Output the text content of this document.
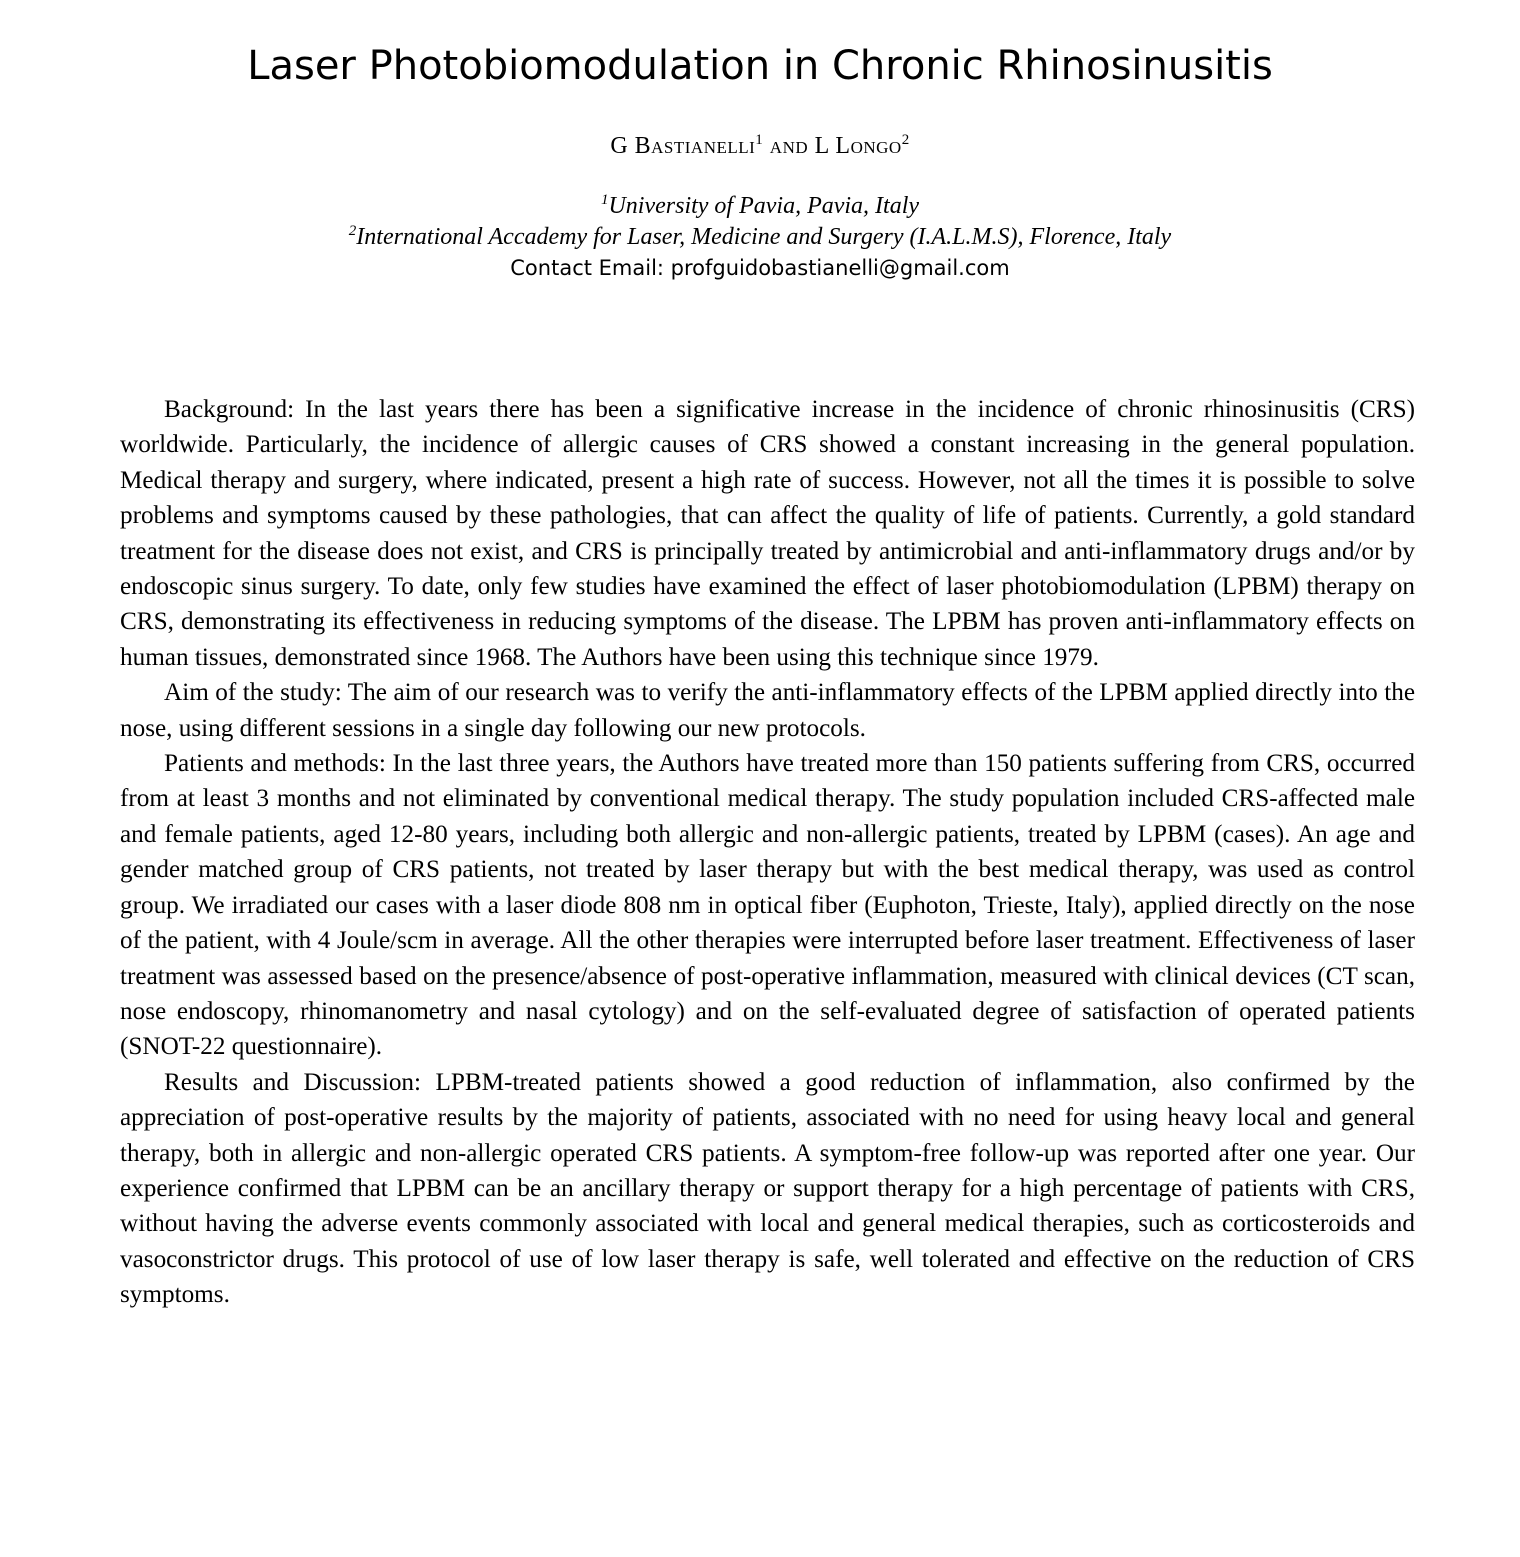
Laser Photobiomodulation in Chronic Rhinosinusitis
G Bastianelli$^1$ and L Longo$^2$
$^1$University of Pavia, Pavia, Italy
$^2$International Accademy for Laser, Medicine and Surgery (I.A.L.M.S), Florence, Italy
Contact Email: profguidobastianelli@gmail.com

Background: In the last years there has been a significative increase in the incidence of chronic rhinosinusitis (CRS) worldwide. Particularly, the incidence of allergic causes of CRS showed a constant increasing in the general population. Medical therapy and surgery, where indicated, present a high rate of success. However, not all the times it is possible to solve problems and symptoms caused by these pathologies, that can affect the quality of life of patients. Currently, a gold standard treatment for the disease does not exist, and CRS is principally treated by antimicrobial and anti-inflammatory drugs and/or by endoscopic sinus surgery. To date, only few studies have examined the effect of laser photobiomodulation (LPBM) therapy on CRS, demonstrating its effectiveness in reducing symptoms of the disease. The LPBM has proven anti-inflammatory effects on human tissues, demonstrated since 1968. The Authors have been using this technique since 1979.

Aim of the study: The aim of our research was to verify the anti-inflammatory effects of the LPBM applied directly into the nose, using different sessions in a single day following our new protocols.

Patients and methods: In the last three years, the Authors have treated more than 150 patients suffering from CRS, occurred from at least 3 months and not eliminated by conventional medical therapy. The study population included CRS-affected male and female patients, aged 12-80 years, including both allergic and non-allergic patients, treated by LPBM (cases). An age and gender matched group of CRS patients, not treated by laser therapy but with the best medical therapy, was used as control group. We irradiated our cases with a laser diode 808 nm in optical fiber (Euphoton, Trieste, Italy), applied directly on the nose of the patient, with 4 Joule/scm in average. All the other therapies were interrupted before laser treatment. Effectiveness of laser treatment was assessed based on the presence/absence of post-operative inflammation, measured with clinical devices (CT scan, nose endoscopy, rhinomanometry and nasal cytology) and on the self-evaluated degree of satisfaction of operated patients (SNOT-22 questionnaire).

Results and Discussion: LPBM-treated patients showed a good reduction of inflammation, also confirmed by the appreciation of post-operative results by the majority of patients, associated with no need for using heavy local and general therapy, both in allergic and non-allergic operated CRS patients. A symptom-free follow-up was reported after one year. Our experience confirmed that LPBM can be an ancillary therapy or support therapy for a high percentage of patients with CRS, without having the adverse events commonly associated with local and general medical therapies, such as corticosteroids and vasoconstrictor drugs. This protocol of use of low laser therapy is safe, well tolerated and effective on the reduction of CRS symptoms.
